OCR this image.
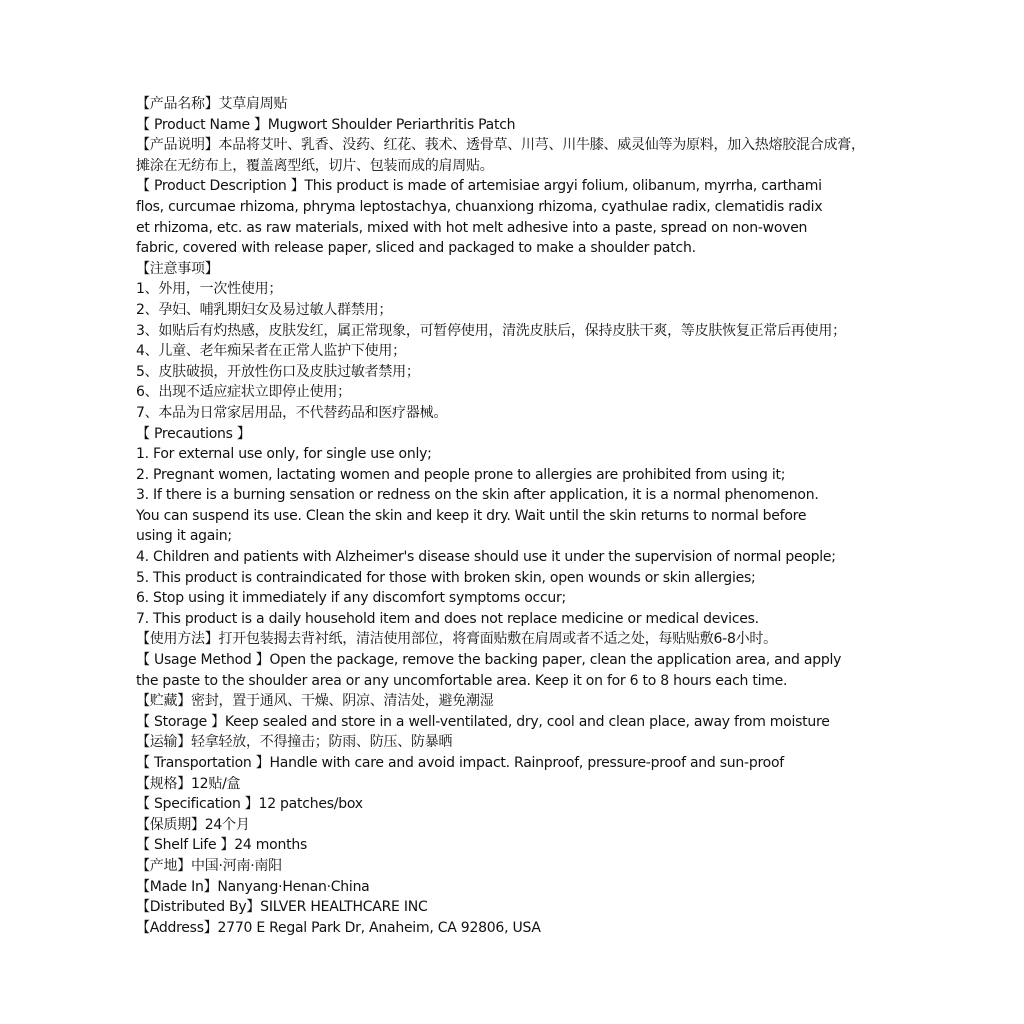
【产品名称】艾草肩周贴
【 Product Name 】Mugwort Shoulder Periarthritis Patch
【产品说明】本品将艾叶、乳香、没药、红花、莪术、透骨草、川芎、川牛膝、威灵仙等为原料，加入热熔胶混合成膏，
摊涂在无纺布上，覆盖离型纸，切片、包装而成的肩周贴。
【 Product Description 】This product is made of artemisiae argyi folium, olibanum, myrrha, carthami
flos, curcumae rhizoma, phryma leptostachya, chuanxiong rhizoma, cyathulae radix, clematidis radix
et rhizoma, etc. as raw materials, mixed with hot melt adhesive into a paste, spread on non-woven
fabric, covered with release paper, sliced and packaged to make a shoulder patch.
【注意事项】
1、外用，一次性使用；
2、孕妇、哺乳期妇女及易过敏人群禁用；
3、如贴后有灼热感，皮肤发红，属正常现象，可暂停使用，清洗皮肤后，保持皮肤干爽，等皮肤恢复正常后再使用；
4、儿童、老年痴呆者在正常人监护下使用；
5、皮肤破损，开放性伤口及皮肤过敏者禁用；
6、出现不适应症状立即停止使用；
7、本品为日常家居用品，不代替药品和医疗器械。
【 Precautions 】
1. For external use only, for single use only;
2. Pregnant women, lactating women and people prone to allergies are prohibited from using it;
3. If there is a burning sensation or redness on the skin after application, it is a normal phenomenon.
You can suspend its use. Clean the skin and keep it dry. Wait until the skin returns to normal before
using it again;
4. Children and patients with Alzheimer's disease should use it under the supervision of normal people;
5. This product is contraindicated for those with broken skin, open wounds or skin allergies;
6. Stop using it immediately if any discomfort symptoms occur;
7. This product is a daily household item and does not replace medicine or medical devices.
【使用方法】打开包装揭去背衬纸，清洁使用部位，将膏面贴敷在肩周或者不适之处，每贴贴敷6-8小时。
【 Usage Method 】Open the package, remove the backing paper, clean the application area, and apply
the paste to the shoulder area or any uncomfortable area. Keep it on for 6 to 8 hours each time.
【贮藏】密封，置于通风、干燥、阴凉、清洁处，避免潮湿
【 Storage 】Keep sealed and store in a well-ventilated, dry, cool and clean place, away from moisture
【运输】轻拿轻放，不得撞击；防雨、防压、防暴晒
【 Transportation 】Handle with care and avoid impact. Rainproof, pressure-proof and sun-proof
【规格】12贴/盒
【 Specification 】12 patches/box
【保质期】24个月
【 Shelf Life 】24 months
【产地】中国·河南·南阳
【Made In】Nanyang·Henan·China
【Distributed By】SILVER HEALTHCARE INC
【Address】2770 E Regal Park Dr, Anaheim, CA 92806, USA
